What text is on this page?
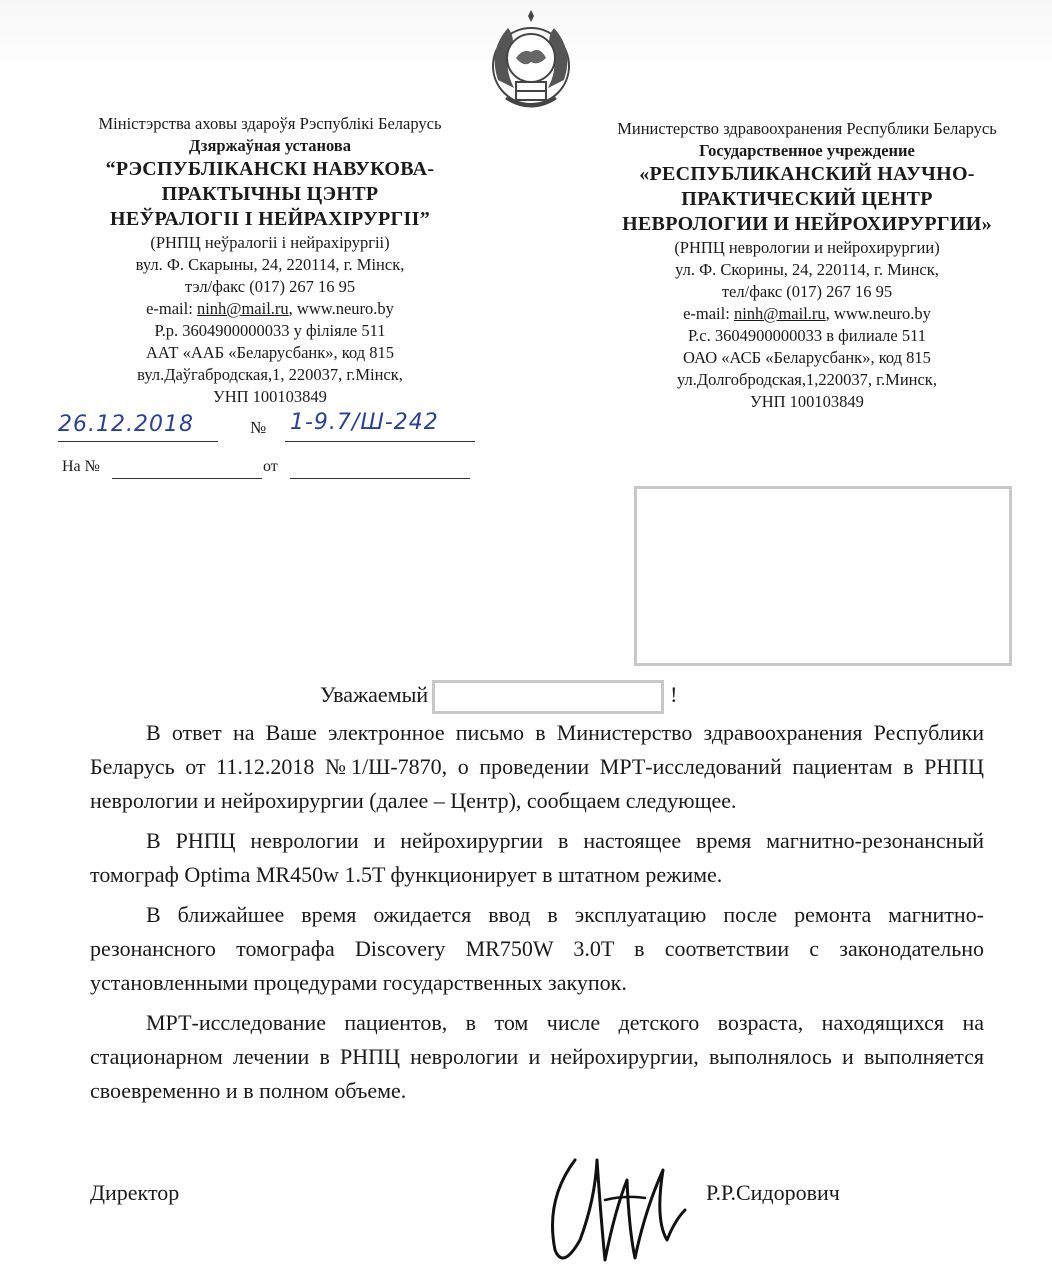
Міністэрства аховы здароўя Рэспублікі Беларусь
Дзяржаўная установа
“РЭСПУБЛІКАНСКІ НАВУКОВА-
ПРАКТЫЧНЫ ЦЭНТР
НЕЎРАЛОГІІ І НЕЙРАХІРУРГІІ”
(РНПЦ неўралогіі і нейрахірургіі)
вул. Ф. Скарыны, 24, 220114, г. Мінск,
тэл/факс (017) 267 16 95
e-mail: ninh@mail.ru, www.neuro.by
Р.р. 3604900000033 у філіяле 511
ААТ «ААБ «Беларусбанк», код 815
вул.Даўгабродская,1, 220037, г.Мінск,
УНП 100103849
Министерство здравоохранения Республики Беларусь
Государственное учреждение
«РЕСПУБЛИКАНСКИЙ НАУЧНО-
ПРАКТИЧЕСКИЙ ЦЕНТР
НЕВРОЛОГИИ И НЕЙРОХИРУРГИИ»
(РНПЦ неврологии и нейрохирургии)
ул. Ф. Скорины, 24, 220114, г. Минск,
тел/факс (017) 267 16 95
e-mail: ninh@mail.ru, www.neuro.by
Р.с. 3604900000033 в филиале 511
ОАО «АСБ «Беларусбанк», код 815
ул.Долгобродская,1,220037, г.Минск,
УНП 100103849
26.12.2018	№ 1-9.7/Ш-242
На №	от
Уважаемый	!

В ответ на Ваше электронное письмо в Министерство здравоохранения Республики Беларусь от 11.12.2018 №1/Ш-7870, о проведении МРТ-исследований пациентам в РНПЦ неврологии и нейрохирургии (далее – Центр), сообщаем следующее.

В РНПЦ неврологии и нейрохирургии в настоящее время магнитно-резонансный томограф Optima MR450w 1.5T функционирует в штатном режиме.

В ближайшее время ожидается ввод в эксплуатацию после ремонта магнитно-резонансного томографа Discovery MR750W 3.0T в соответствии с законодательно установленными процедурами государственных закупок.

МРТ-исследование пациентов, в том числе детского возраста, находящихся на стационарном лечении в РНПЦ неврологии и нейрохирургии, выполнялось и выполняется своевременно и в полном объеме.

Директор	Р.Р.Сидорович
